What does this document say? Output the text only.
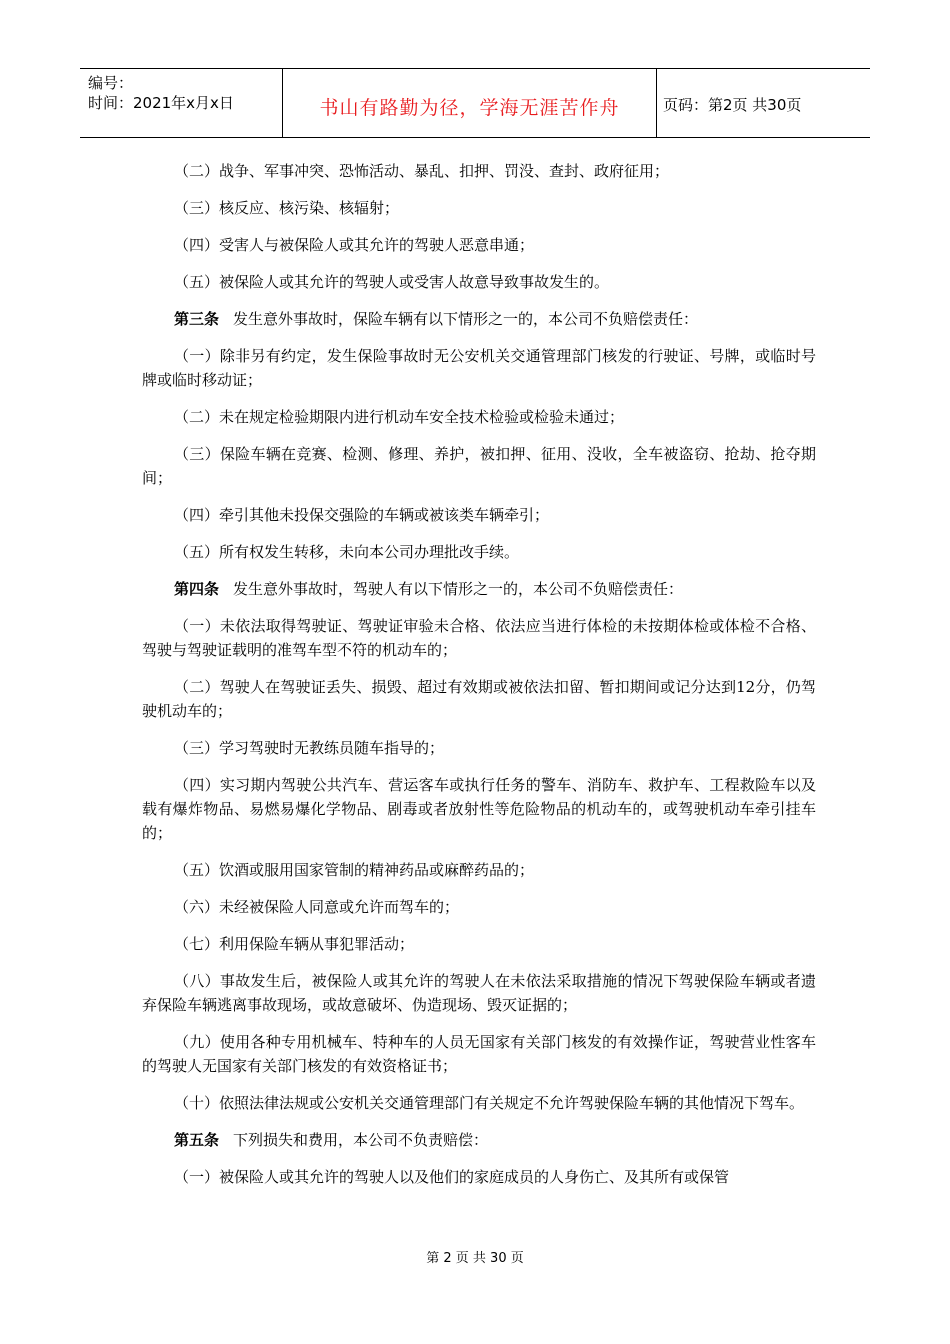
编号：
时间：2021年x月x日	书山有路勤为径，学海无涯苦作舟	页码：第2页 共30页

（二）战争、军事冲突、恐怖活动、暴乱、扣押、罚没、查封、政府征用；

（三）核反应、核污染、核辐射；

（四）受害人与被保险人或其允许的驾驶人恶意串通；

（五）被保险人或其允许的驾驶人或受害人故意导致事故发生的。

第三条 发生意外事故时，保险车辆有以下情形之一的，本公司不负赔偿责任：

（一）除非另有约定，发生保险事故时无公安机关交通管理部门核发的行驶证、号牌，或临时号牌或临时移动证；

（二）未在规定检验期限内进行机动车安全技术检验或检验未通过；

（三）保险车辆在竞赛、检测、修理、养护，被扣押、征用、没收，全车被盗窃、抢劫、抢夺期间；

（四）牵引其他未投保交强险的车辆或被该类车辆牵引；

（五）所有权发生转移，未向本公司办理批改手续。

第四条 发生意外事故时，驾驶人有以下情形之一的，本公司不负赔偿责任：

（一）未依法取得驾驶证、驾驶证审验未合格、依法应当进行体检的未按期体检或体检不合格、驾驶与驾驶证载明的准驾车型不符的机动车的；

（二）驾驶人在驾驶证丢失、损毁、超过有效期或被依法扣留、暂扣期间或记分达到12分，仍驾驶机动车的；

（三）学习驾驶时无教练员随车指导的；

（四）实习期内驾驶公共汽车、营运客车或执行任务的警车、消防车、救护车、工程救险车以及载有爆炸物品、易燃易爆化学物品、剧毒或者放射性等危险物品的机动车的，或驾驶机动车牵引挂车的；

（五）饮酒或服用国家管制的精神药品或麻醉药品的；

（六）未经被保险人同意或允许而驾车的；

（七）利用保险车辆从事犯罪活动；

（八）事故发生后，被保险人或其允许的驾驶人在未依法采取措施的情况下驾驶保险车辆或者遗弃保险车辆逃离事故现场，或故意破坏、伪造现场、毁灭证据的；

（九）使用各种专用机械车、特种车的人员无国家有关部门核发的有效操作证，驾驶营业性客车的驾驶人无国家有关部门核发的有效资格证书；

（十）依照法律法规或公安机关交通管理部门有关规定不允许驾驶保险车辆的其他情况下驾车。

第五条 下列损失和费用，本公司不负责赔偿：

（一）被保险人或其允许的驾驶人以及他们的家庭成员的人身伤亡、及其所有或保管

第 2 页 共 30 页
